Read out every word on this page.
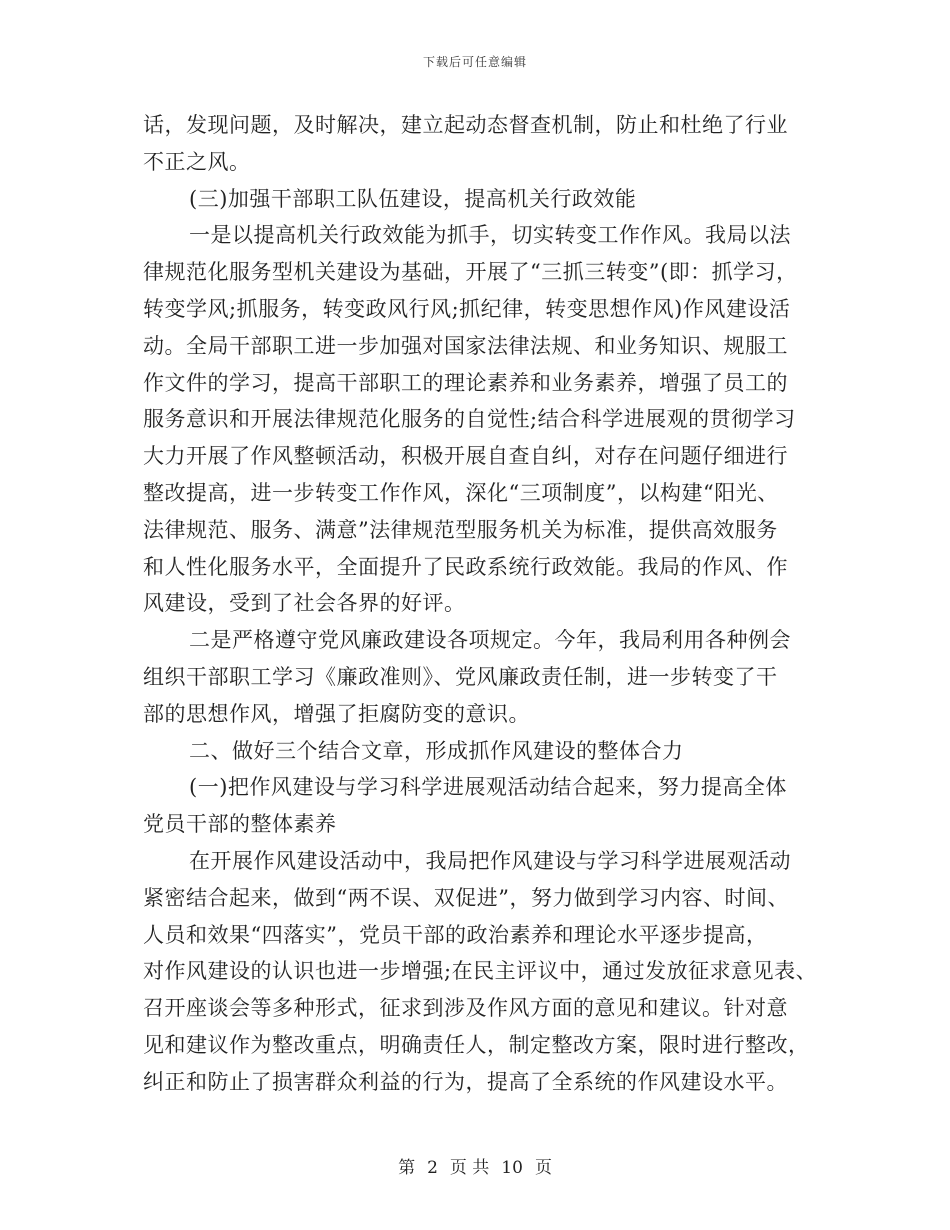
下载后可任意编辑
话，发现问题，及时解决，建立起动态督查机制，防止和杜绝了行业
不正之风。
(三)加强干部职工队伍建设，提高机关行政效能
一是以提高机关行政效能为抓手，切实转变工作作风。我局以法
律规范化服务型机关建设为基础，开展了“三抓三转变”(即：抓学习，
转变学风;抓服务，转变政风行风;抓纪律，转变思想作风)作风建设活
动。全局干部职工进一步加强对国家法律法规、和业务知识、规服工
作文件的学习，提高干部职工的理论素养和业务素养，增强了员工的
服务意识和开展法律规范化服务的自觉性;结合科学进展观的贯彻学习
大力开展了作风整顿活动，积极开展自查自纠，对存在问题仔细进行
整改提高，进一步转变工作作风，深化“三项制度”，以构建“阳光、
法律规范、服务、满意”法律规范型服务机关为标准，提供高效服务
和人性化服务水平，全面提升了民政系统行政效能。我局的作风、作
风建设，受到了社会各界的好评。
二是严格遵守党风廉政建设各项规定。今年，我局利用各种例会
组织干部职工学习《廉政准则》、党风廉政责任制，进一步转变了干
部的思想作风，增强了拒腐防变的意识。
二、做好三个结合文章，形成抓作风建设的整体合力
(一)把作风建设与学习科学进展观活动结合起来，努力提高全体
党员干部的整体素养
在开展作风建设活动中，我局把作风建设与学习科学进展观活动
紧密结合起来，做到“两不误、双促进”，努力做到学习内容、时间、
人员和效果“四落实”，党员干部的政治素养和理论水平逐步提高，
对作风建设的认识也进一步增强;在民主评议中，通过发放征求意见表、
召开座谈会等多种形式，征求到涉及作风方面的意见和建议。针对意
见和建议作为整改重点，明确责任人，制定整改方案，限时进行整改，
纠正和防止了损害群众利益的行为，提高了全系统的作风建设水平。
第 2 页 共 10 页
